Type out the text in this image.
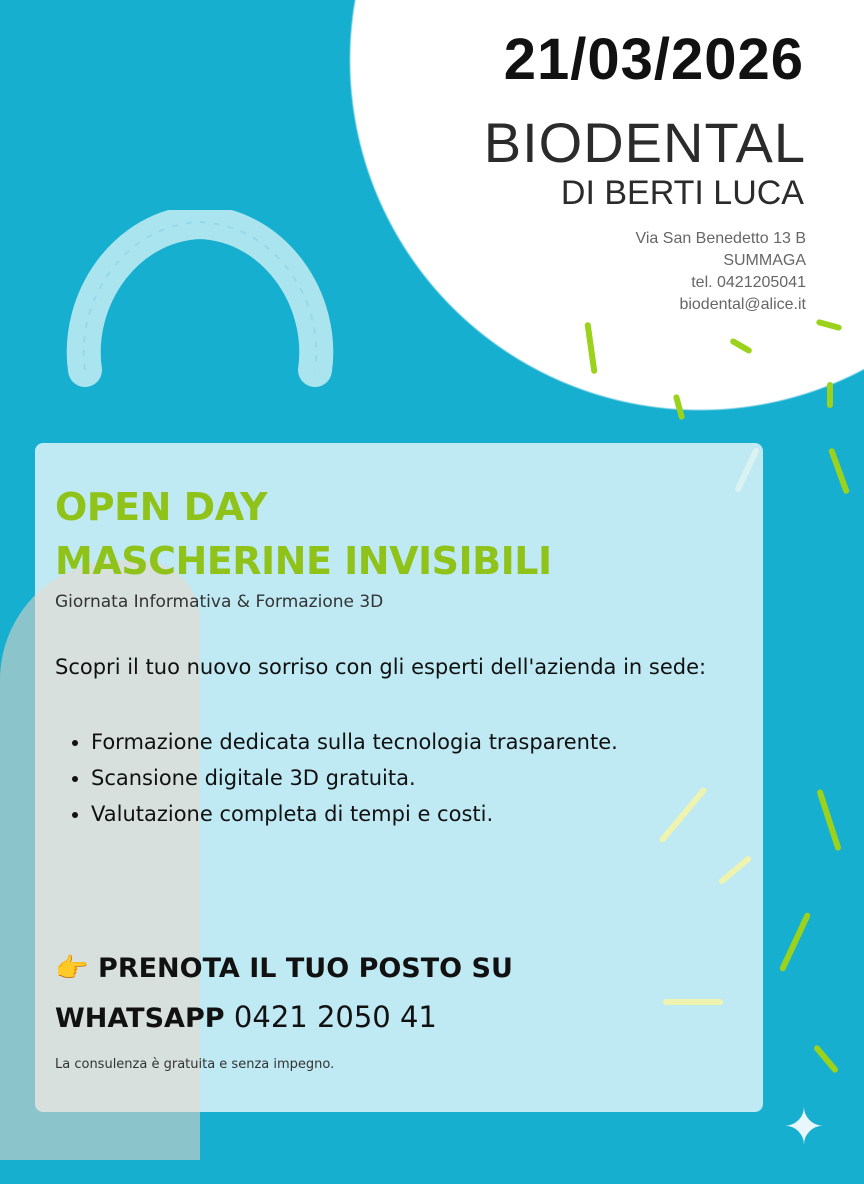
21/03/2026
BIODENTAL
DI BERTI LUCA
Via San Benedetto 13 B
SUMMAGA
tel. 0421205041
biodental@alice.it
OPEN DAY
MASCHERINE INVISIBILI
Giornata Informativa & Formazione 3D
Scopri il tuo nuovo sorriso con gli esperti dell'azienda in sede:
• Formazione dedicata sulla tecnologia trasparente.
• Scansione digitale 3D gratuita.
• Valutazione completa di tempi e costi.
👉 PRENOTA IL TUO POSTO SU
WHATSAPP 0421 2050 41
La consulenza è gratuita e senza impegno.
✦
